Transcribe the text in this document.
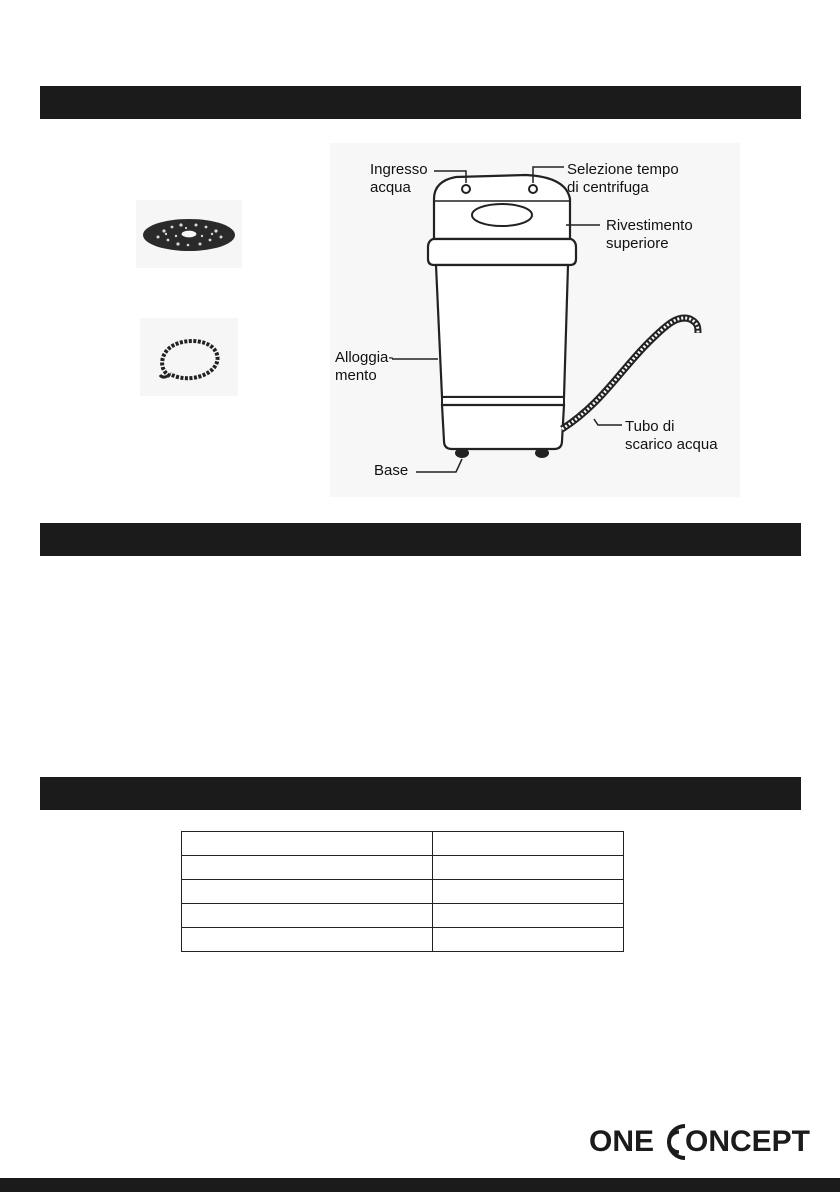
Ingresso
acqua
Selezione tempo
di centrifuga
Rivestimento
superiore
Alloggia-
mento
Tubo di
scarico acqua
Base

ONE ONCEPT
